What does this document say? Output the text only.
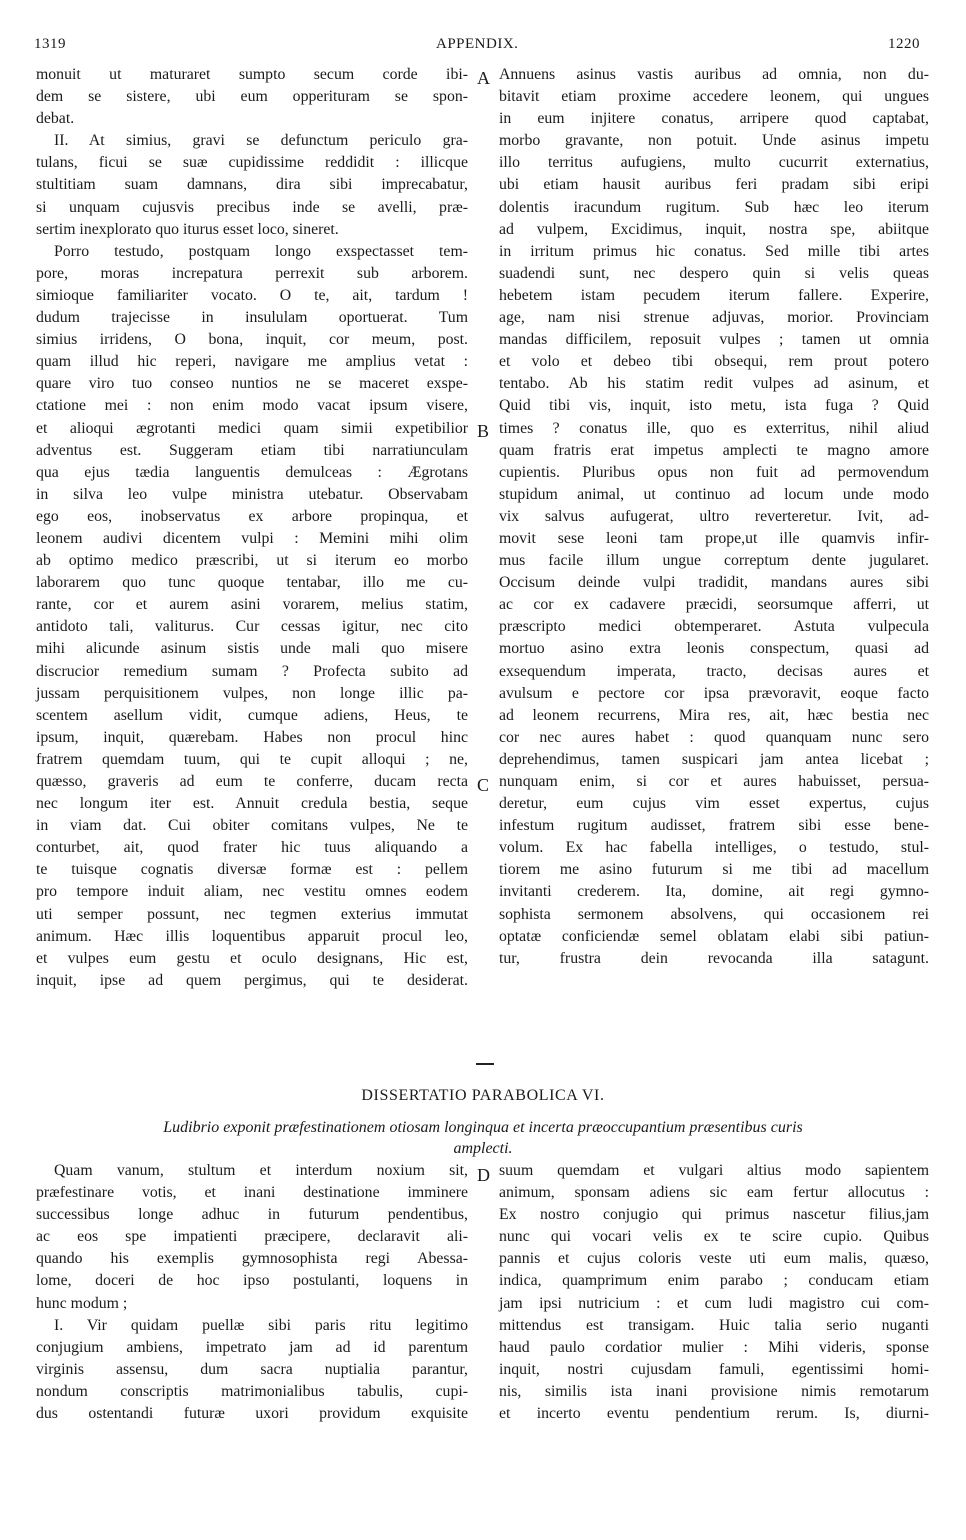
1319	APPENDIX.	1220
A
B
C
D
monuit ut maturaret sumpto secum corde ibi-
dem se sistere, ubi eum opperituram se spon-
debat.
II. At simius, gravi se defunctum periculo gra-
tulans, ficui se suæ cupidissime reddidit : illicque
stultitiam suam damnans, dira sibi imprecabatur,
si unquam cujusvis precibus inde se avelli, præ-
sertim inexplorato quo iturus esset loco, sineret.
Porro testudo, postquam longo exspectasset tem-
pore, moras increpatura perrexit sub arborem.
simioque familiariter vocato. O te, ait, tardum !
dudum trajecisse in insululam oportuerat. Tum
simius irridens, O bona, inquit, cor meum, post.
quam illud hic reperi, navigare me amplius vetat :
quare viro tuo conseo nuntios ne se maceret exspe-
ctatione mei : non enim modo vacat ipsum visere,
et alioqui ægrotanti medici quam simii expetibilior
adventus est. Suggeram etiam tibi narratiunculam
qua ejus tædia languentis demulceas : Ægrotans
in silva leo vulpe ministra utebatur. Observabam
ego eos, inobservatus ex arbore propinqua, et
leonem audivi dicentem vulpi : Memini mihi olim
ab optimo medico præscribi, ut si iterum eo morbo
laborarem quo tunc quoque tentabar, illo me cu-
rante, cor et aurem asini vorarem, melius statim,
antidoto tali, valiturus. Cur cessas igitur, nec cito
mihi alicunde asinum sistis unde mali quo misere
discrucior remedium sumam ? Profecta subito ad
jussam perquisitionem vulpes, non longe illic pa-
scentem asellum vidit, cumque adiens, Heus, te
ipsum, inquit, quærebam. Habes non procul hinc
fratrem quemdam tuum, qui te cupit alloqui ; ne,
quæsso, graveris ad eum te conferre, ducam recta
nec longum iter est. Annuit credula bestia, seque
in viam dat. Cui obiter comitans vulpes, Ne te
conturbet, ait, quod frater hic tuus aliquando a
te tuisque cognatis diversæ formæ est : pellem
pro tempore induit aliam, nec vestitu omnes eodem
uti semper possunt, nec tegmen exterius immutat
animum. Hæc illis loquentibus apparuit procul leo,
et vulpes eum gestu et oculo designans, Hic est,
inquit, ipse ad quem pergimus, qui te desiderat.
Annuens asinus vastis auribus ad omnia, non du-
bitavit etiam proxime accedere leonem, qui ungues
in eum injitere conatus, arripere quod captabat,
morbo gravante, non potuit. Unde asinus impetu
illo territus aufugiens, multo cucurrit externatius,
ubi etiam hausit auribus feri pradam sibi eripi
dolentis iracundum rugitum. Sub hæc leo iterum
ad vulpem, Excidimus, inquit, nostra spe, abiitque
in irritum primus hic conatus. Sed mille tibi artes
suadendi sunt, nec despero quin si velis queas
hebetem istam pecudem iterum fallere. Experire,
age, nam nisi strenue adjuvas, morior. Provinciam
mandas difficilem, reposuit vulpes ; tamen ut omnia
et volo et debeo tibi obsequi, rem prout potero
tentabo. Ab his statim redit vulpes ad asinum, et
Quid tibi vis, inquit, isto metu, ista fuga ? Quid
times ? conatus ille, quo es exterritus, nihil aliud
quam fratris erat impetus amplecti te magno amore
cupientis. Pluribus opus non fuit ad permovendum
stupidum animal, ut continuo ad locum unde modo
vix salvus aufugerat, ultro reverteretur. Ivit, ad-
movit sese leoni tam prope,ut ille quamvis infir-
mus facile illum ungue correptum dente jugularet.
Occisum deinde vulpi tradidit, mandans aures sibi
ac cor ex cadavere præcidi, seorsumque afferri, ut
præscripto medici obtemperaret. Astuta vulpecula
mortuo asino extra leonis conspectum, quasi ad
exsequendum imperata, tracto, decisas aures et
avulsum e pectore cor ipsa prævoravit, eoque facto
ad leonem recurrens, Mira res, ait, hæc bestia nec
cor nec aures habet : quod quanquam nunc sero
deprehendimus, tamen suspicari jam antea licebat ;
nunquam enim, si cor et aures habuisset, persua-
deretur, eum cujus vim esset expertus, cujus
infestum rugitum audisset, fratrem sibi esse bene-
volum. Ex hac fabella intelliges, o testudo, stul-
tiorem me asino futurum si me tibi ad macellum
invitanti crederem. Ita, domine, ait regi gymno-
sophista sermonem absolvens, qui occasionem rei
optatæ conficiendæ semel oblatam elabi sibi patiun-
tur, frustra dein revocanda illa satagunt.
DISSERTATIO PARABOLICA VI.
Ludibrio exponit præfestinationem otiosam longinqua et incerta præoccupantium præsentibus curis
amplecti.
Quam vanum, stultum et interdum noxium sit,
præfestinare votis, et inani destinatione imminere
successibus longe adhuc in futurum pendentibus,
ac eos spe impatienti præcipere, declaravit ali-
quando his exemplis gymnosophista regi Abessa-
lome, doceri de hoc ipso postulanti, loquens in
hunc modum ;
I. Vir quidam puellæ sibi paris ritu legitimo
conjugium ambiens, impetrato jam ad id parentum
virginis assensu, dum sacra nuptialia parantur,
nondum conscriptis matrimonialibus tabulis, cupi-
dus ostentandi futuræ uxori providum exquisite
suum quemdam et vulgari altius modo sapientem
animum, sponsam adiens sic eam fertur allocutus :
Ex nostro conjugio qui primus nascetur filius,jam
nunc qui vocari velis ex te scire cupio. Quibus
pannis et cujus coloris veste uti eum malis, quæso,
indica, quamprimum enim parabo ; conducam etiam
jam ipsi nutricium : et cum ludi magistro cui com-
mittendus est transigam. Huic talia serio nuganti
haud paulo cordatior mulier : Mihi videris, sponse
inquit, nostri cujusdam famuli, egentissimi homi-
nis, similis ista inani provisione nimis remotarum
et incerto eventu pendentium rerum. Is, diurni-
